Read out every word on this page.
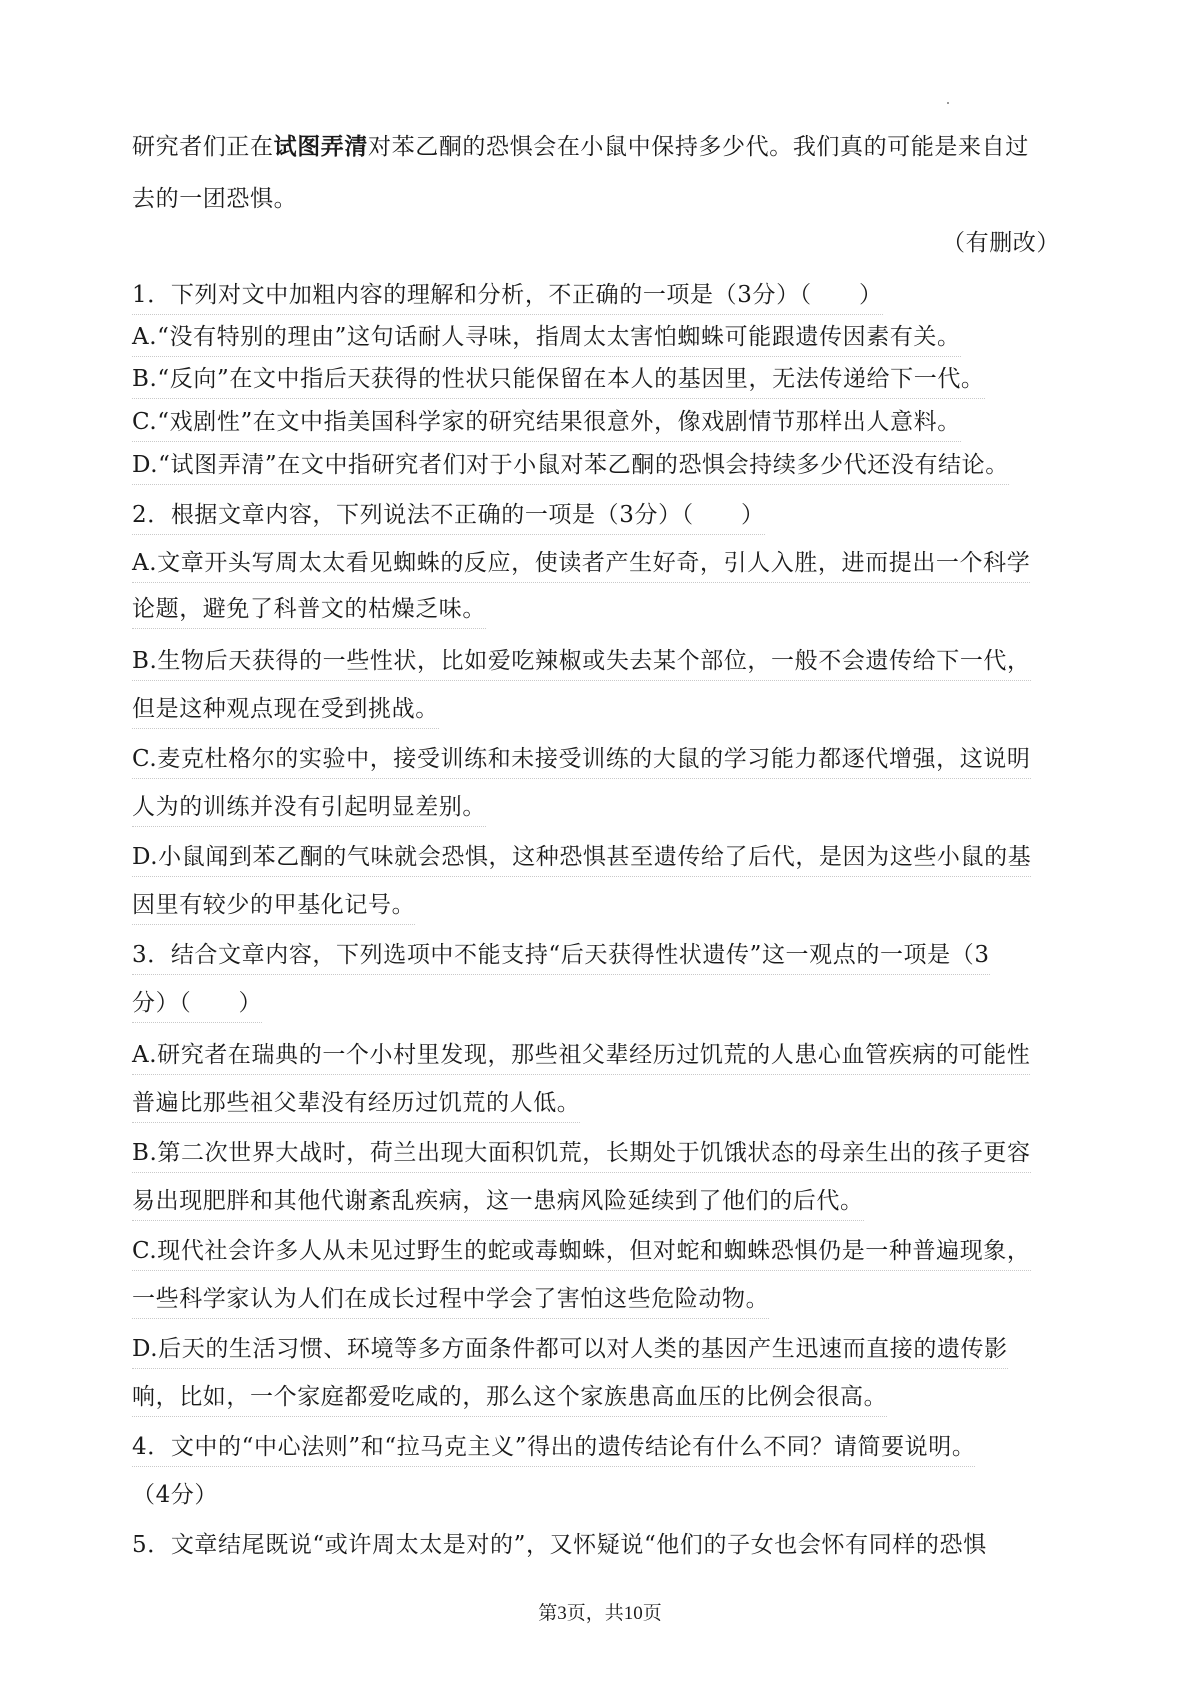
研究者们正在试图弄清对苯乙酮的恐惧会在小鼠中保持多少代。我们真的可能是来自过
去的一团恐惧。
（有删改）
1．下列对文中加粗内容的理解和分析，不正确的一项是（3分）（　　）
A.“没有特别的理由”这句话耐人寻味，指周太太害怕蜘蛛可能跟遗传因素有关。
B.“反向”在文中指后天获得的性状只能保留在本人的基因里，无法传递给下一代。
C.“戏剧性”在文中指美国科学家的研究结果很意外，像戏剧情节那样出人意料。
D.“试图弄清”在文中指研究者们对于小鼠对苯乙酮的恐惧会持续多少代还没有结论。
2．根据文章内容，下列说法不正确的一项是（3分）（　　）
A.文章开头写周太太看见蜘蛛的反应，使读者产生好奇，引人入胜，进而提出一个科学
论题，避免了科普文的枯燥乏味。
B.生物后天获得的一些性状，比如爱吃辣椒或失去某个部位，一般不会遗传给下一代，
但是这种观点现在受到挑战。
C.麦克杜格尔的实验中，接受训练和未接受训练的大鼠的学习能力都逐代增强，这说明
人为的训练并没有引起明显差别。
D.小鼠闻到苯乙酮的气味就会恐惧，这种恐惧甚至遗传给了后代，是因为这些小鼠的基
因里有较少的甲基化记号。
3．结合文章内容，下列选项中不能支持“后天获得性状遗传”这一观点的一项是（3
分）（　　）
A.研究者在瑞典的一个小村里发现，那些祖父辈经历过饥荒的人患心血管疾病的可能性
普遍比那些祖父辈没有经历过饥荒的人低。
B.第二次世界大战时，荷兰出现大面积饥荒，长期处于饥饿状态的母亲生出的孩子更容
易出现肥胖和其他代谢紊乱疾病，这一患病风险延续到了他们的后代。
C.现代社会许多人从未见过野生的蛇或毒蜘蛛，但对蛇和蜘蛛恐惧仍是一种普遍现象，
一些科学家认为人们在成长过程中学会了害怕这些危险动物。
D.后天的生活习惯、环境等多方面条件都可以对人类的基因产生迅速而直接的遗传影
响，比如，一个家庭都爱吃咸的，那么这个家族患高血压的比例会很高。
4．文中的“中心法则”和“拉马克主义”得出的遗传结论有什么不同？请简要说明。
（4分）
5．文章结尾既说“或许周太太是对的”，又怀疑说“他们的子女也会怀有同样的恐惧
第3页，共10页
